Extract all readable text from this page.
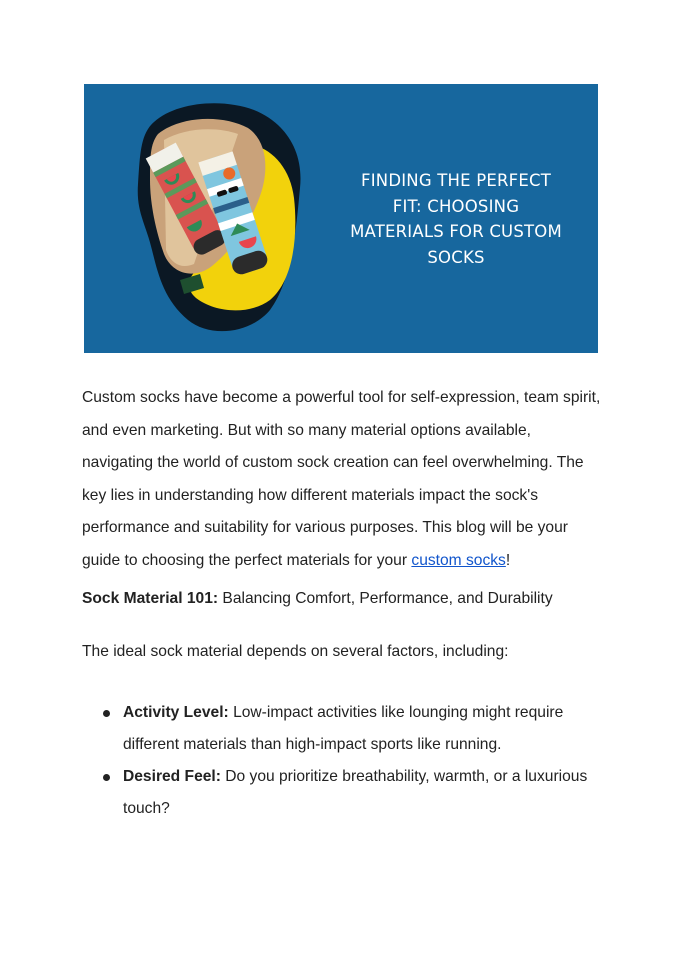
FINDING THE PERFECT
FIT: CHOOSING
MATERIALS FOR CUSTOM
SOCKS
Custom socks have become a powerful tool for self-expression, team spirit, and even marketing. But with so many material options available, navigating the world of custom sock creation can feel overwhelming. The key lies in understanding how different materials impact the sock's performance and suitability for various purposes. This blog will be your guide to choosing the perfect materials for your custom socks!
Sock Material 101: Balancing Comfort, Performance, and Durability
The ideal sock material depends on several factors, including:
Activity Level: Low-impact activities like lounging might require different materials than high-impact sports like running.
Desired Feel: Do you prioritize breathability, warmth, or a luxurious touch?
